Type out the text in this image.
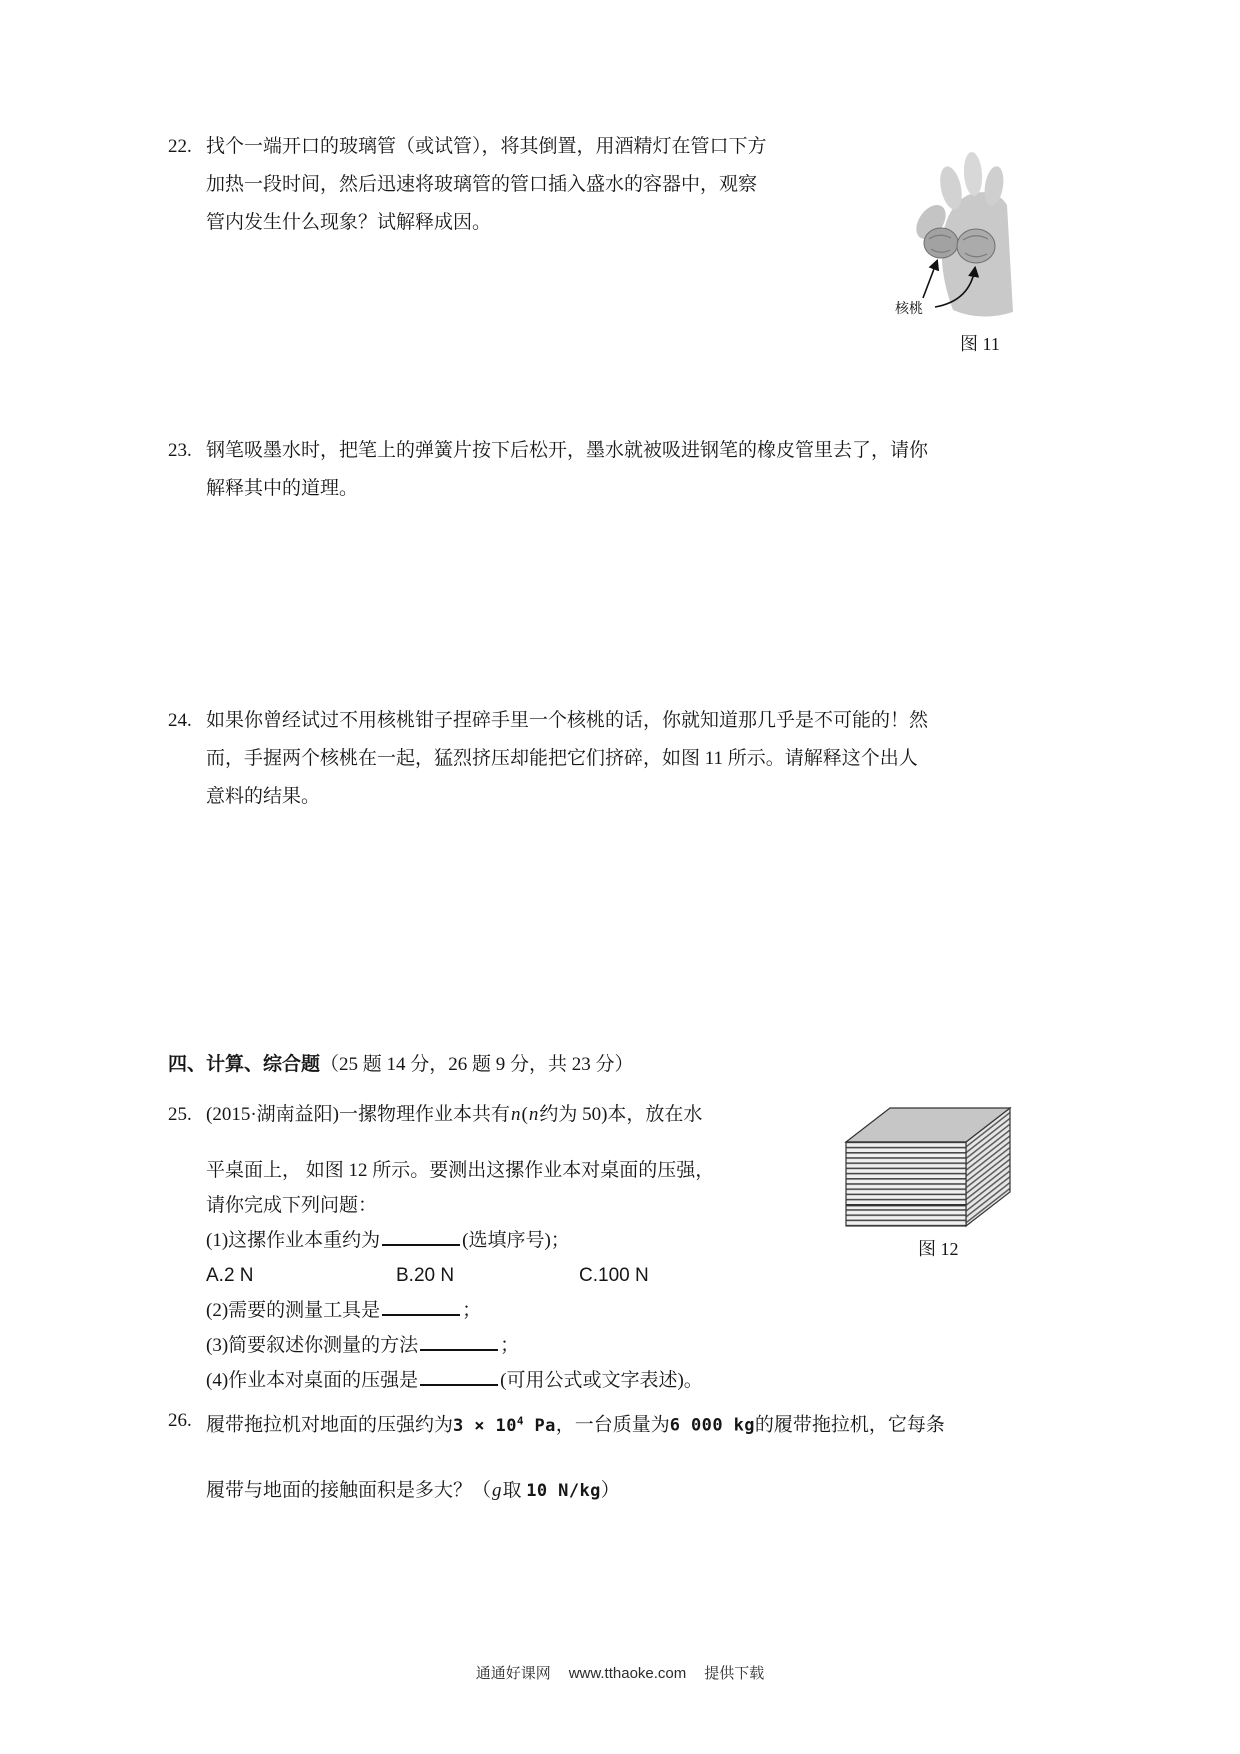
22. 找个一端开口的玻璃管（或试管），将其倒置，用酒精灯在管口下方
加热一段时间，然后迅速将玻璃管的管口插入盛水的容器中，观察
管内发生什么现象？试解释成因。
核桃
图 11
23. 钢笔吸墨水时，把笔上的弹簧片按下后松开，墨水就被吸进钢笔的橡皮管里去了，请你
解释其中的道理。
24. 如果你曾经试过不用核桃钳子捏碎手里一个核桃的话，你就知道那几乎是不可能的！然
而，手握两个核桃在一起，猛烈挤压却能把它们挤碎，如图 11 所示。请解释这个出人
意料的结果。
四、计算、综合题（25 题 14 分，26 题 9 分，共 23 分）
25. (2015·湖南益阳)一摞物理作业本共有n(n约为 50)本，放在水
平桌面上， 如图 12 所示。要测出这摞作业本对桌面的压强，
请你完成下列问题：
(1)这摞作业本重约为	(选填序号)；
A.2 N	B.20 N	C.100 N
(2)需要的测量工具是	；
(3)简要叙述你测量的方法	；
(4)作业本对桌面的压强是	(可用公式或文字表述)。
图 12
26. 履带拖拉机对地面的压强约为$3 \times 10^4$ Pa，一台质量为6 000 kg的履带拖拉机，它每条
履带与地面的接触面积是多大？（g取 10 N/kg）
通通好课网 www.tthaoke.com 提供下载
